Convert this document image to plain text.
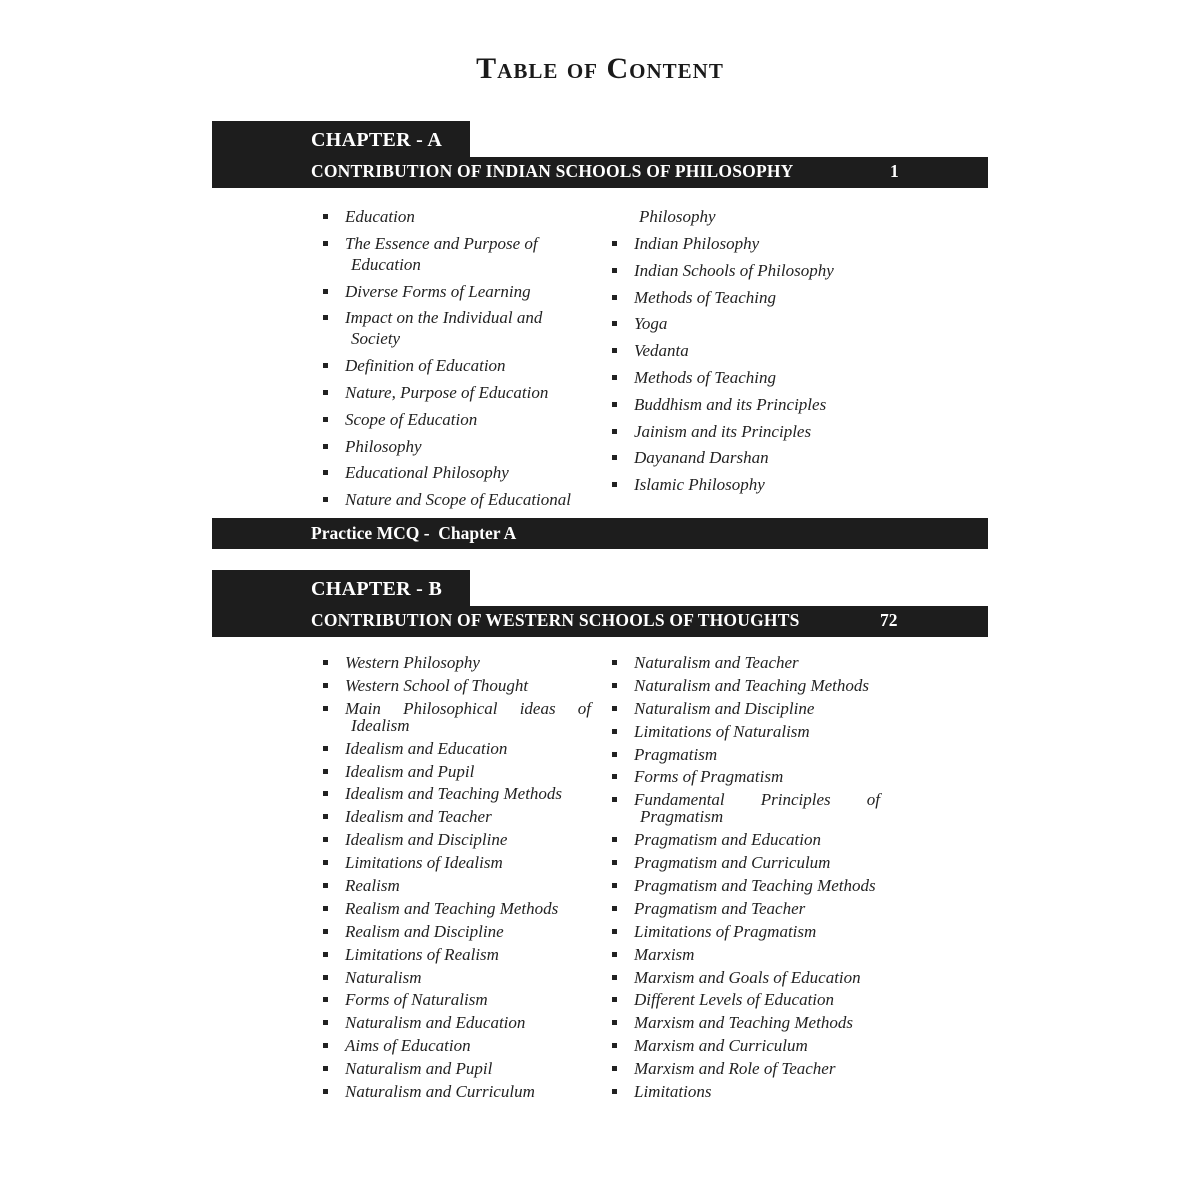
Table of Content
CHAPTER - A
CONTRIBUTION OF INDIAN SCHOOLS OF PHILOSOPHY	1
Education
The Essence and Purpose of
Education
Diverse Forms of Learning
Impact on the Individual and
Society
Definition of Education
Nature, Purpose of Education
Scope of Education
Philosophy
Educational Philosophy
Nature and Scope of Educational
Philosophy
Indian Philosophy
Indian Schools of Philosophy
Methods of Teaching
Yoga
Vedanta
Methods of Teaching
Buddhism and its Principles
Jainism and its Principles
Dayanand Darshan
Islamic Philosophy
Practice MCQ -  Chapter A
CHAPTER - B
CONTRIBUTION OF WESTERN SCHOOLS OF THOUGHTS	72
Western Philosophy
Western School of Thought
Main Philosophical ideas of
Idealism
Idealism and Education
Idealism and Pupil
Idealism and Teaching Methods
Idealism and Teacher
Idealism and Discipline
Limitations of Idealism
Realism
Realism and Teaching Methods
Realism and Discipline
Limitations of Realism
Naturalism
Forms of Naturalism
Naturalism and Education
Aims of Education
Naturalism and Pupil
Naturalism and Curriculum
Naturalism and Teacher
Naturalism and Teaching Methods
Naturalism and Discipline
Limitations of Naturalism
Pragmatism
Forms of Pragmatism
Fundamental Principles of
Pragmatism
Pragmatism and Education
Pragmatism and Curriculum
Pragmatism and Teaching Methods
Pragmatism and Teacher
Limitations of Pragmatism
Marxism
Marxism and Goals of Education
Different Levels of Education
Marxism and Teaching Methods
Marxism and Curriculum
Marxism and Role of Teacher
Limitations
